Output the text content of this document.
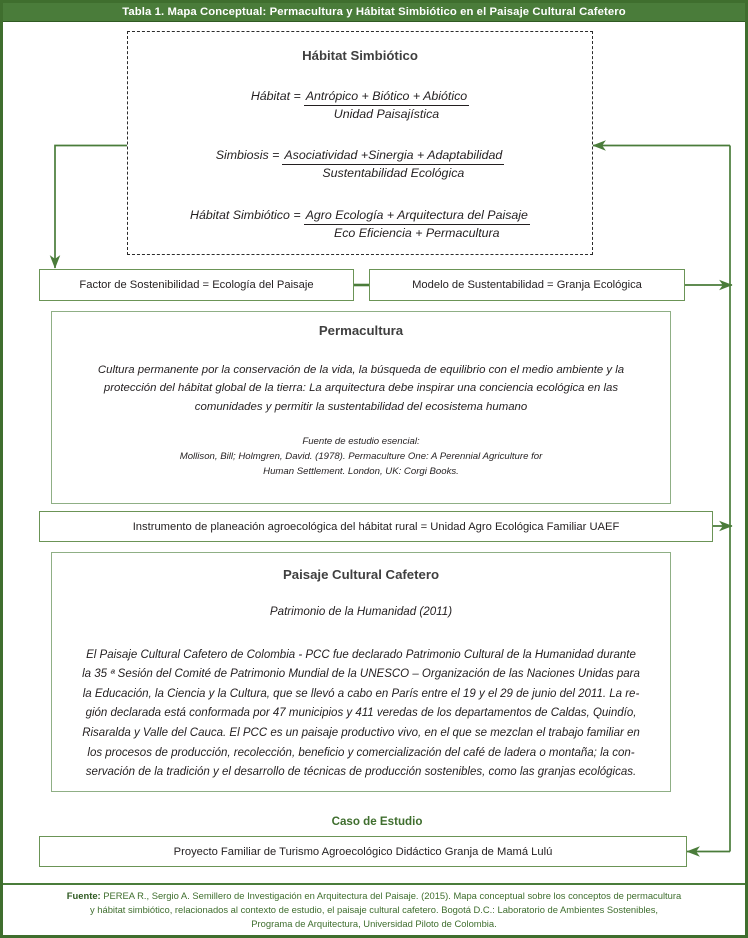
Tabla 1. Mapa Conceptual: Permacultura y Hábitat Simbiótico en el Paisaje Cultural Cafetero
Hábitat Simbiótico
Hábitat = $\frac{\text{Antrópico + Biótico + Abiótico}}{\text{Unidad Paisajística}}$
Simbiosis = $\frac{\text{Asociatividad +Sinergia + Adaptabilidad}}{\text{Sustentabilidad Ecológica}}$
Hábitat Simbiótico = $\frac{\text{Agro Ecología + Arquitectura del Paisaje}}{\text{Eco Eficiencia + Permacultura}}$
Factor de Sostenibilidad = Ecología del Paisaje	Modelo de Sustentabilidad = Granja Ecológica
Permacultura
Cultura permanente por la conservación de la vida, la búsqueda de equilibrio con el medio ambiente y la
protección del hábitat global de la tierra: La arquitectura debe inspirar una conciencia ecológica en las
comunidades y permitir la sustentabilidad del ecosistema humano
Fuente de estudio esencial:
Mollison, Bill; Holmgren, David. (1978). Permaculture One: A Perennial Agriculture for
Human Settlement. London, UK: Corgi Books.
Instrumento de planeación agroecológica del hábitat rural = Unidad Agro Ecológica Familiar UAEF
Paisaje Cultural Cafetero
Patrimonio de la Humanidad (2011)
El Paisaje Cultural Cafetero de Colombia - PCC fue declarado Patrimonio Cultural de la Humanidad durante
la 35 ª Sesión del Comité de Patrimonio Mundial de la UNESCO – Organización de las Naciones Unidas para
la Educación, la Ciencia y la Cultura, que se llevó a cabo en París entre el 19 y el 29 de junio del 2011. La re-
gión declarada está conformada por 47 municipios y 411 veredas de los departamentos de Caldas, Quindío,
Risaralda y Valle del Cauca. El PCC es un paisaje productivo vivo, en el que se mezclan el trabajo familiar en
los procesos de producción, recolección, beneficio y comercialización del café de ladera o montaña; la con-
servación de la tradición y el desarrollo de técnicas de producción sostenibles, como las granjas ecológicas.
Caso de Estudio
Proyecto Familiar de Turismo Agroecológico Didáctico Granja de Mamá Lulú
Fuente: PEREA R., Sergio A. Semillero de Investigación en Arquitectura del Paisaje. (2015). Mapa conceptual sobre los conceptos de permacultura
y hábitat simbiótico, relacionados al contexto de estudio, el paisaje cultural cafetero. Bogotá D.C.: Laboratorio de Ambientes Sostenibles,
Programa de Arquitectura, Universidad Piloto de Colombia.
